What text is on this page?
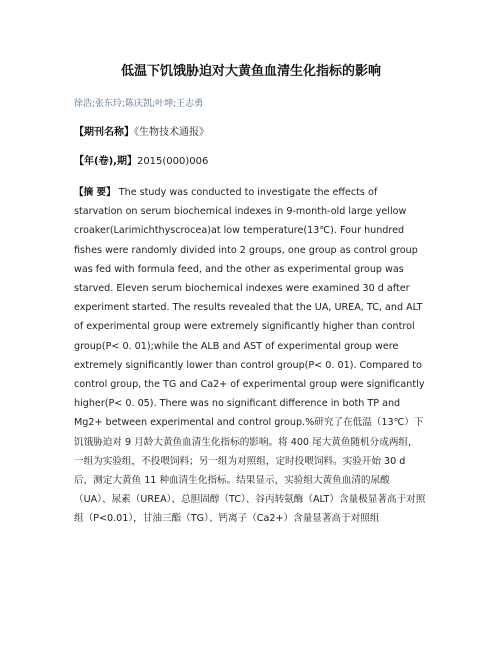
低温下饥饿胁迫对大黄鱼血清生化指标的影响
徐浩;张东玲;陈庆凯;叶坤;王志勇
【期刊名称】《生物技术通报》
【年(卷),期】2015(000)006

【摘 要】 The study was conducted to investigate the effects of starvation on serum biochemical indexes in 9-month-old large yellow croaker(Larimichthyscrocea)at low temperature(13℃). Four hundred fishes were randomly divided into 2 groups, one group as control group was fed with formula feed, and the other as experimental group was starved. Eleven serum biochemical indexes were examined 30 d after experiment started. The results revealed that the UA, UREA, TC, and ALT of experimental group were extremely significantly higher than control group(P< 0. 01);while the ALB and AST of experimental group were extremely significantly lower than control group(P< 0. 01). Compared to control group, the TG and Ca2+ of experimental group were significantly higher(P< 0. 05). There was no significant difference in both TP and Mg2+ between experimental and control group.%研究了在低温（13℃）下饥饿胁迫对 9 月龄大黄鱼血清生化指标的影响。将 400 尾大黄鱼随机分成两组，一组为实验组，不投喂饲料；另一组为对照组，定时投喂饲料。实验开始 30 d 后，测定大黄鱼 11 种血清生化指标。结果显示，实验组大黄鱼血清的尿酸（UA）、尿素（UREA）、总胆固醇（TC）、谷丙转氨酶（ALT）含量极显著高于对照组（P<0.01），甘油三酯（TG）、钙离子（Ca2+）含量显著高于对照组
